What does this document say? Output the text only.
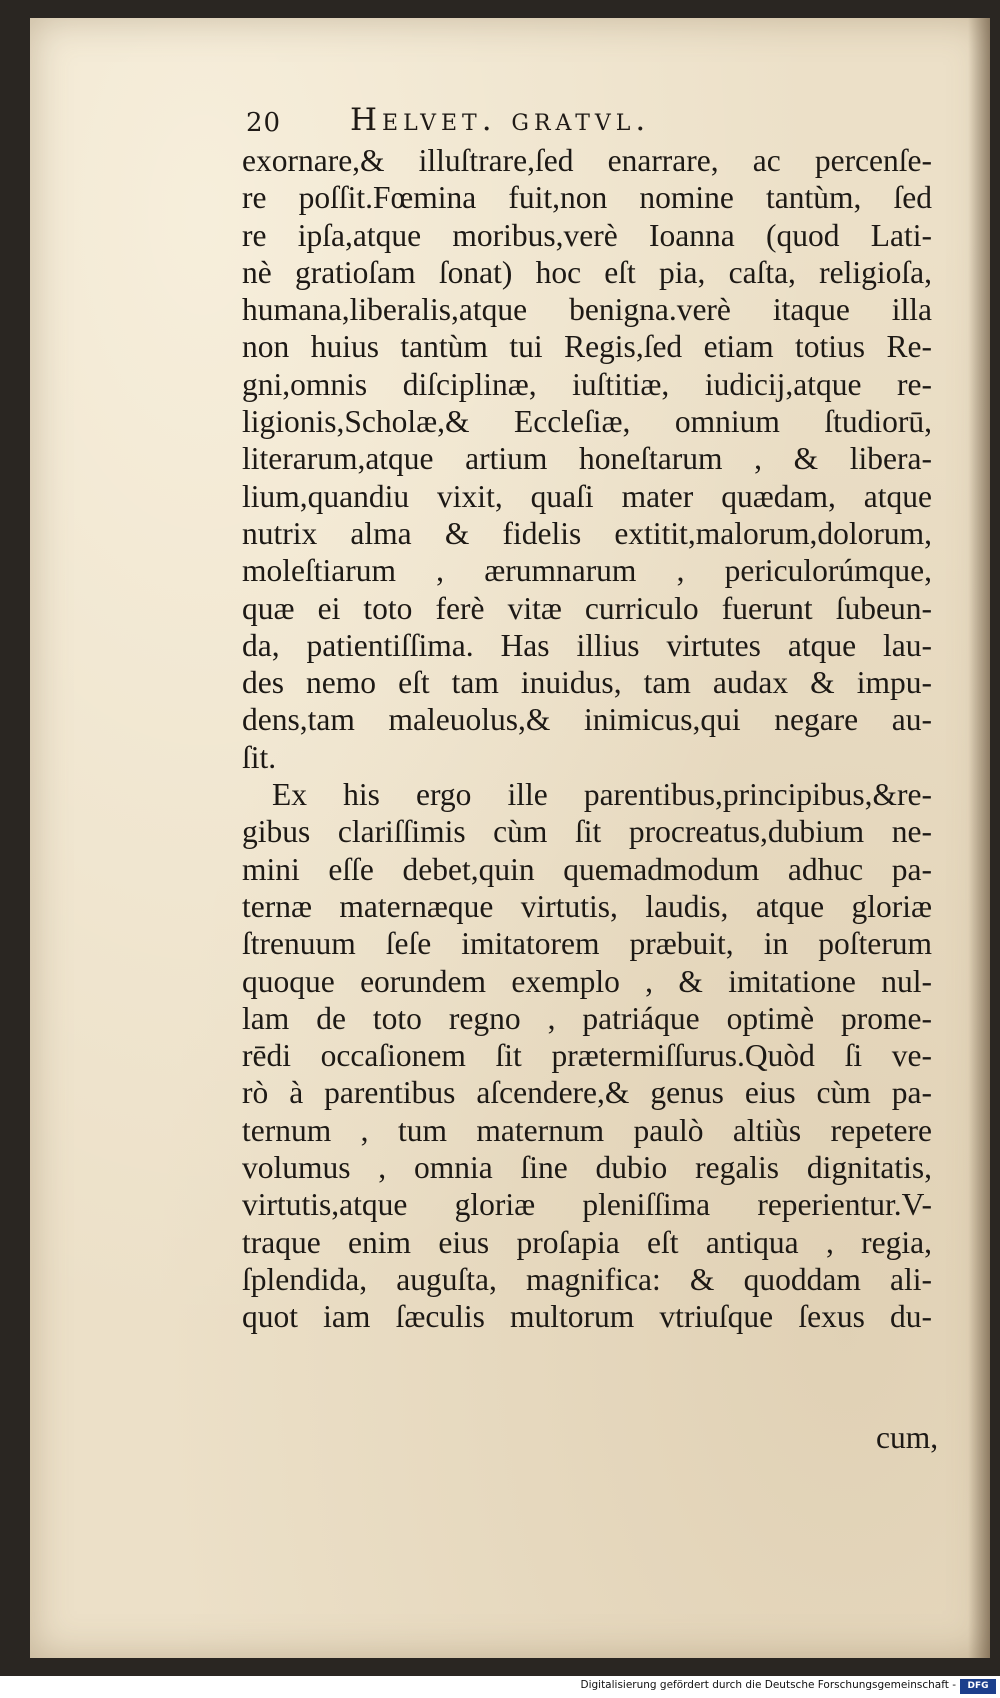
20 Helvet. gratvl.
exornare,& illuſtrare,ſed enarrare, ac percenſe-
re poſſit.Fœmina fuit,non nomine tantùm, ſed
re ipſa,atque moribus,verè Ioanna (quod Lati-
nè gratioſam ſonat) hoc eſt pia, caſta, religioſa,
humana,liberalis,atque benigna.verè itaque illa
non huius tantùm tui Regis,ſed etiam totius Re-
gni,omnis diſciplinæ, iuſtitiæ, iudicij,atque re-
ligionis,Scholæ,& Eccleſiæ, omnium ſtudiorū,
literarum,atque artium honeſtarum , & libera-
lium,quandiu vixit, quaſi mater quædam, atque
nutrix alma & fidelis extitit,malorum,dolorum,
moleſtiarum , ærumnarum , periculorúmque,
quæ ei toto ferè vitæ curriculo fuerunt ſubeun-
da, patientiſſima. Has illius virtutes atque lau-
des nemo eſt tam inuidus, tam audax & impu-
dens,tam maleuolus,& inimicus,qui negare au-
ſit.
Ex his ergo ille parentibus,principibus,&re-
gibus clariſſimis cùm ſit procreatus,dubium ne-
mini eſſe debet,quin quemadmodum adhuc pa-
ternæ maternæque virtutis, laudis, atque gloriæ
ſtrenuum ſeſe imitatorem præbuit, in poſterum
quoque eorundem exemplo , & imitatione nul-
lam de toto regno , patriáque optimè prome-
rēdi occaſionem ſit prætermiſſurus.Quòd ſi ve-
rò à parentibus aſcendere,& genus eius cùm pa-
ternum , tum maternum paulò altiùs repetere
volumus , omnia ſine dubio regalis dignitatis,
virtutis,atque gloriæ pleniſſima reperientur.V-
traque enim eius proſapia eſt antiqua , regia,
ſplendida, auguſta, magnifica: & quoddam ali-
quot iam ſæculis multorum vtriuſque ſexus du-
cum,
Digitalisierung gefördert durch die Deutsche Forschungsgemeinschaft -	DFG
